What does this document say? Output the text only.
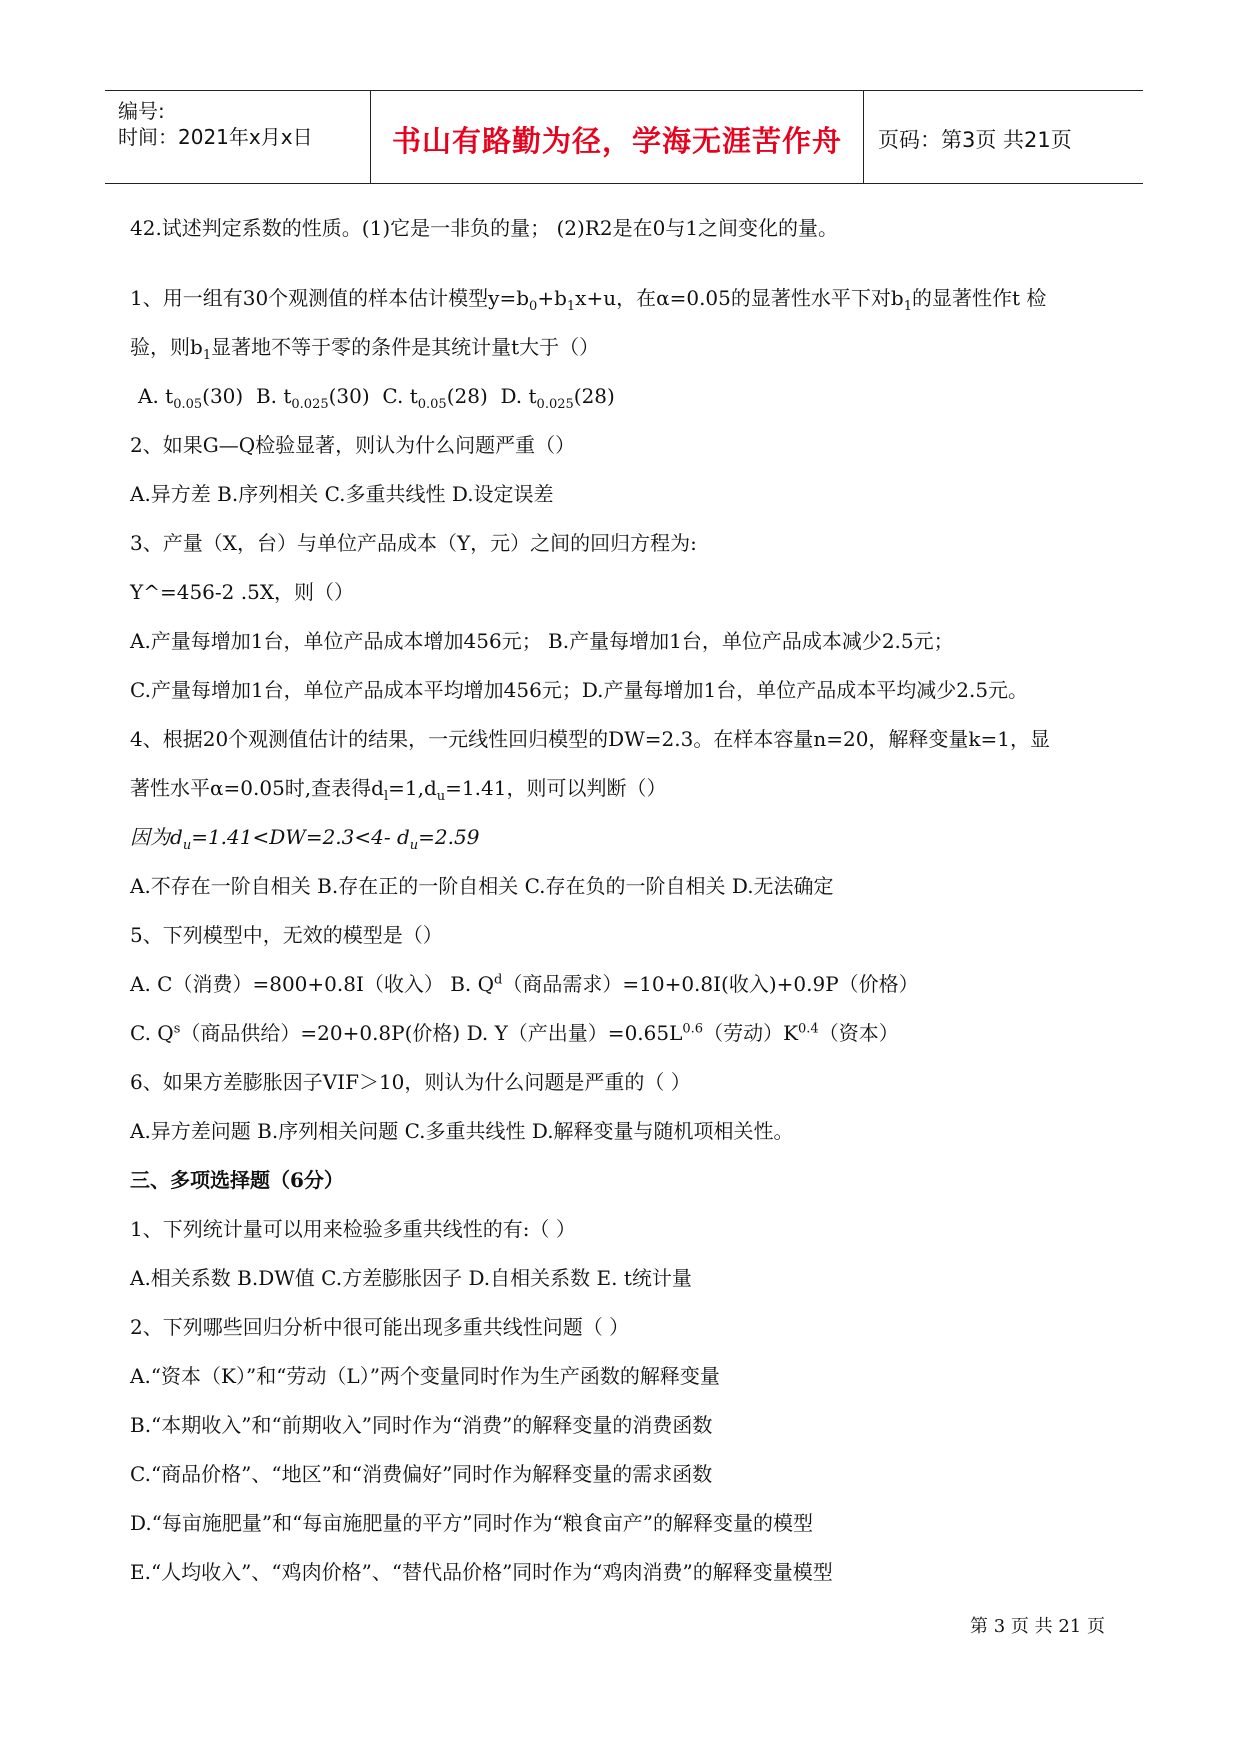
编号:
时间：2021年x月x日	书山有路勤为径，学海无涯苦作舟	页码：第3页 共21页
42.试述判定系数的性质。(1)它是一非负的量； (2)R2是在0与1之间变化的量。
1、用一组有30个观测值的样本估计模型$y=b_0+b_1x+u$，在α=0.05的显著性水平下对$b_1$的显著性作t 检
验，则$b_1$显著地不等于零的条件是其统计量t大于（）
A. $t_{0.05}(30)$ B. $t_{0.025}(30)$ C. $t_{0.05}(28)$ D. $t_{0.025}(28)$
2、如果G—Q检验显著，则认为什么问题严重（）
A.异方差 B.序列相关 C.多重共线性 D.设定误差
3、产量（X，台）与单位产品成本（Y，元）之间的回归方程为:
Y^=456-2 .5X，则（）
A.产量每增加1台，单位产品成本增加456元； B.产量每增加1台，单位产品成本减少2.5元；
C.产量每增加1台，单位产品成本平均增加456元；D.产量每增加1台，单位产品成本平均减少2.5元。
4、根据20个观测值估计的结果，一元线性回归模型的DW=2.3。在样本容量n=20，解释变量k=1，显
著性水平α=0.05时,查表得$d_l=1,d_u=1.41$，则可以判断（）
因为$d_u=1.41<DW=2.3<4-$ $d_u=2.59$
A.不存在一阶自相关 B.存在正的一阶自相关 C.存在负的一阶自相关 D.无法确定
5、下列模型中，无效的模型是（）
A. C（消费）=800+0.8I（收入） B. $Q^d$（商品需求）=10+0.8I(收入)+0.9P（价格）
C. $Q^s$（商品供给）=20+0.8P(价格) D. Y（产出量）$=0.65L^{0.6}$（劳动）$K^{0.4}$（资本）
6、如果方差膨胀因子VIF＞10，则认为什么问题是严重的（ ）
A.异方差问题 B.序列相关问题 C.多重共线性 D.解释变量与随机项相关性。
三、多项选择题（6分）
1、下列统计量可以用来检验多重共线性的有:（ ）
A.相关系数 B.DW值 C.方差膨胀因子 D.自相关系数 E. t统计量
2、下列哪些回归分析中很可能出现多重共线性问题（ ）
A.“资本（K）”和“劳动（L）”两个变量同时作为生产函数的解释变量
B.“本期收入”和“前期收入”同时作为“消费”的解释变量的消费函数
C.“商品价格”、“地区”和“消费偏好”同时作为解释变量的需求函数
D.“每亩施肥量”和“每亩施肥量的平方”同时作为“粮食亩产”的解释变量的模型
E.“人均收入”、“鸡肉价格”、“替代品价格”同时作为“鸡肉消费”的解释变量模型
第 3 页 共 21 页
